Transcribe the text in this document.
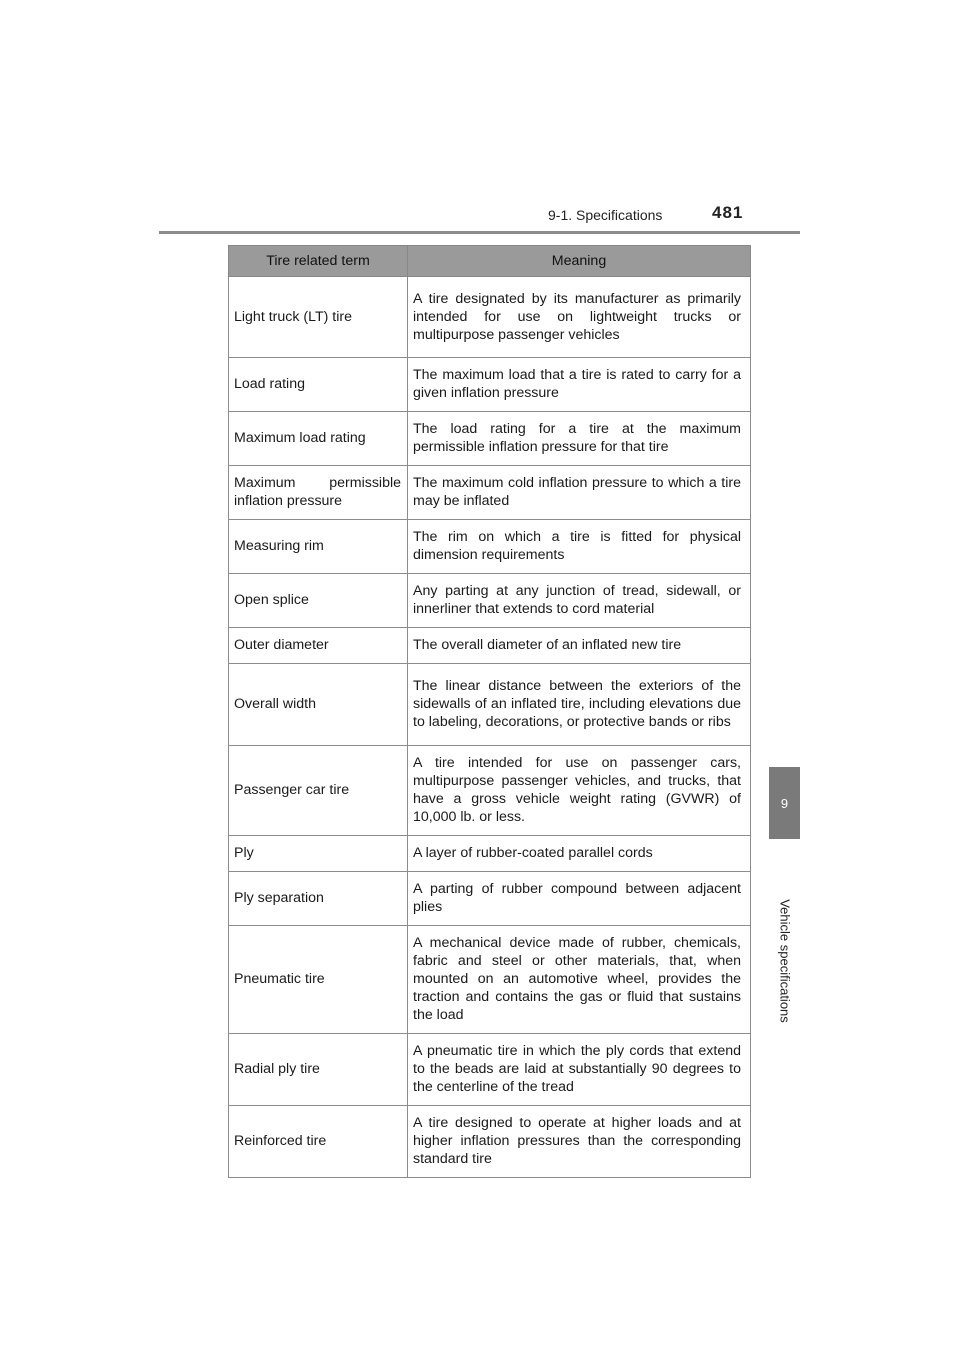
9-1. Specifications	481
9
Vehicle specifications
Tire related term	Meaning
Light truck (LT) tire	A tire designated by its manufacturer as primarily intended for use on lightweight trucks or multipurpose passenger vehicles
Load rating	The maximum load that a tire is rated to carry for a given inflation pressure
Maximum load rating	The load rating for a tire at the maximum permissible inflation pressure for that tire
Maximum permissible inflation pressure	The maximum cold inflation pressure to which a tire may be inflated
Measuring rim	The rim on which a tire is fitted for physical dimension requirements
Open splice	Any parting at any junction of tread, sidewall, or innerliner that extends to cord material
Outer diameter	The overall diameter of an inflated new tire
Overall width	The linear distance between the exteriors of the sidewalls of an inflated tire, including elevations due to labeling, decorations, or protective bands or ribs
Passenger car tire	A tire intended for use on passenger cars, multipurpose passenger vehicles, and trucks, that have a gross vehicle weight rating (GVWR) of 10,000 lb. or less.
Ply	A layer of rubber-coated parallel cords
Ply separation	A parting of rubber compound between adjacent plies
Pneumatic tire	A mechanical device made of rubber, chemicals, fabric and steel or other materials, that, when mounted on an automotive wheel, provides the traction and contains the gas or fluid that sustains the load
Radial ply tire	A pneumatic tire in which the ply cords that extend to the beads are laid at substantially 90 degrees to the centerline of the tread
Reinforced tire	A tire designed to operate at higher loads and at higher inflation pressures than the corresponding standard tire
